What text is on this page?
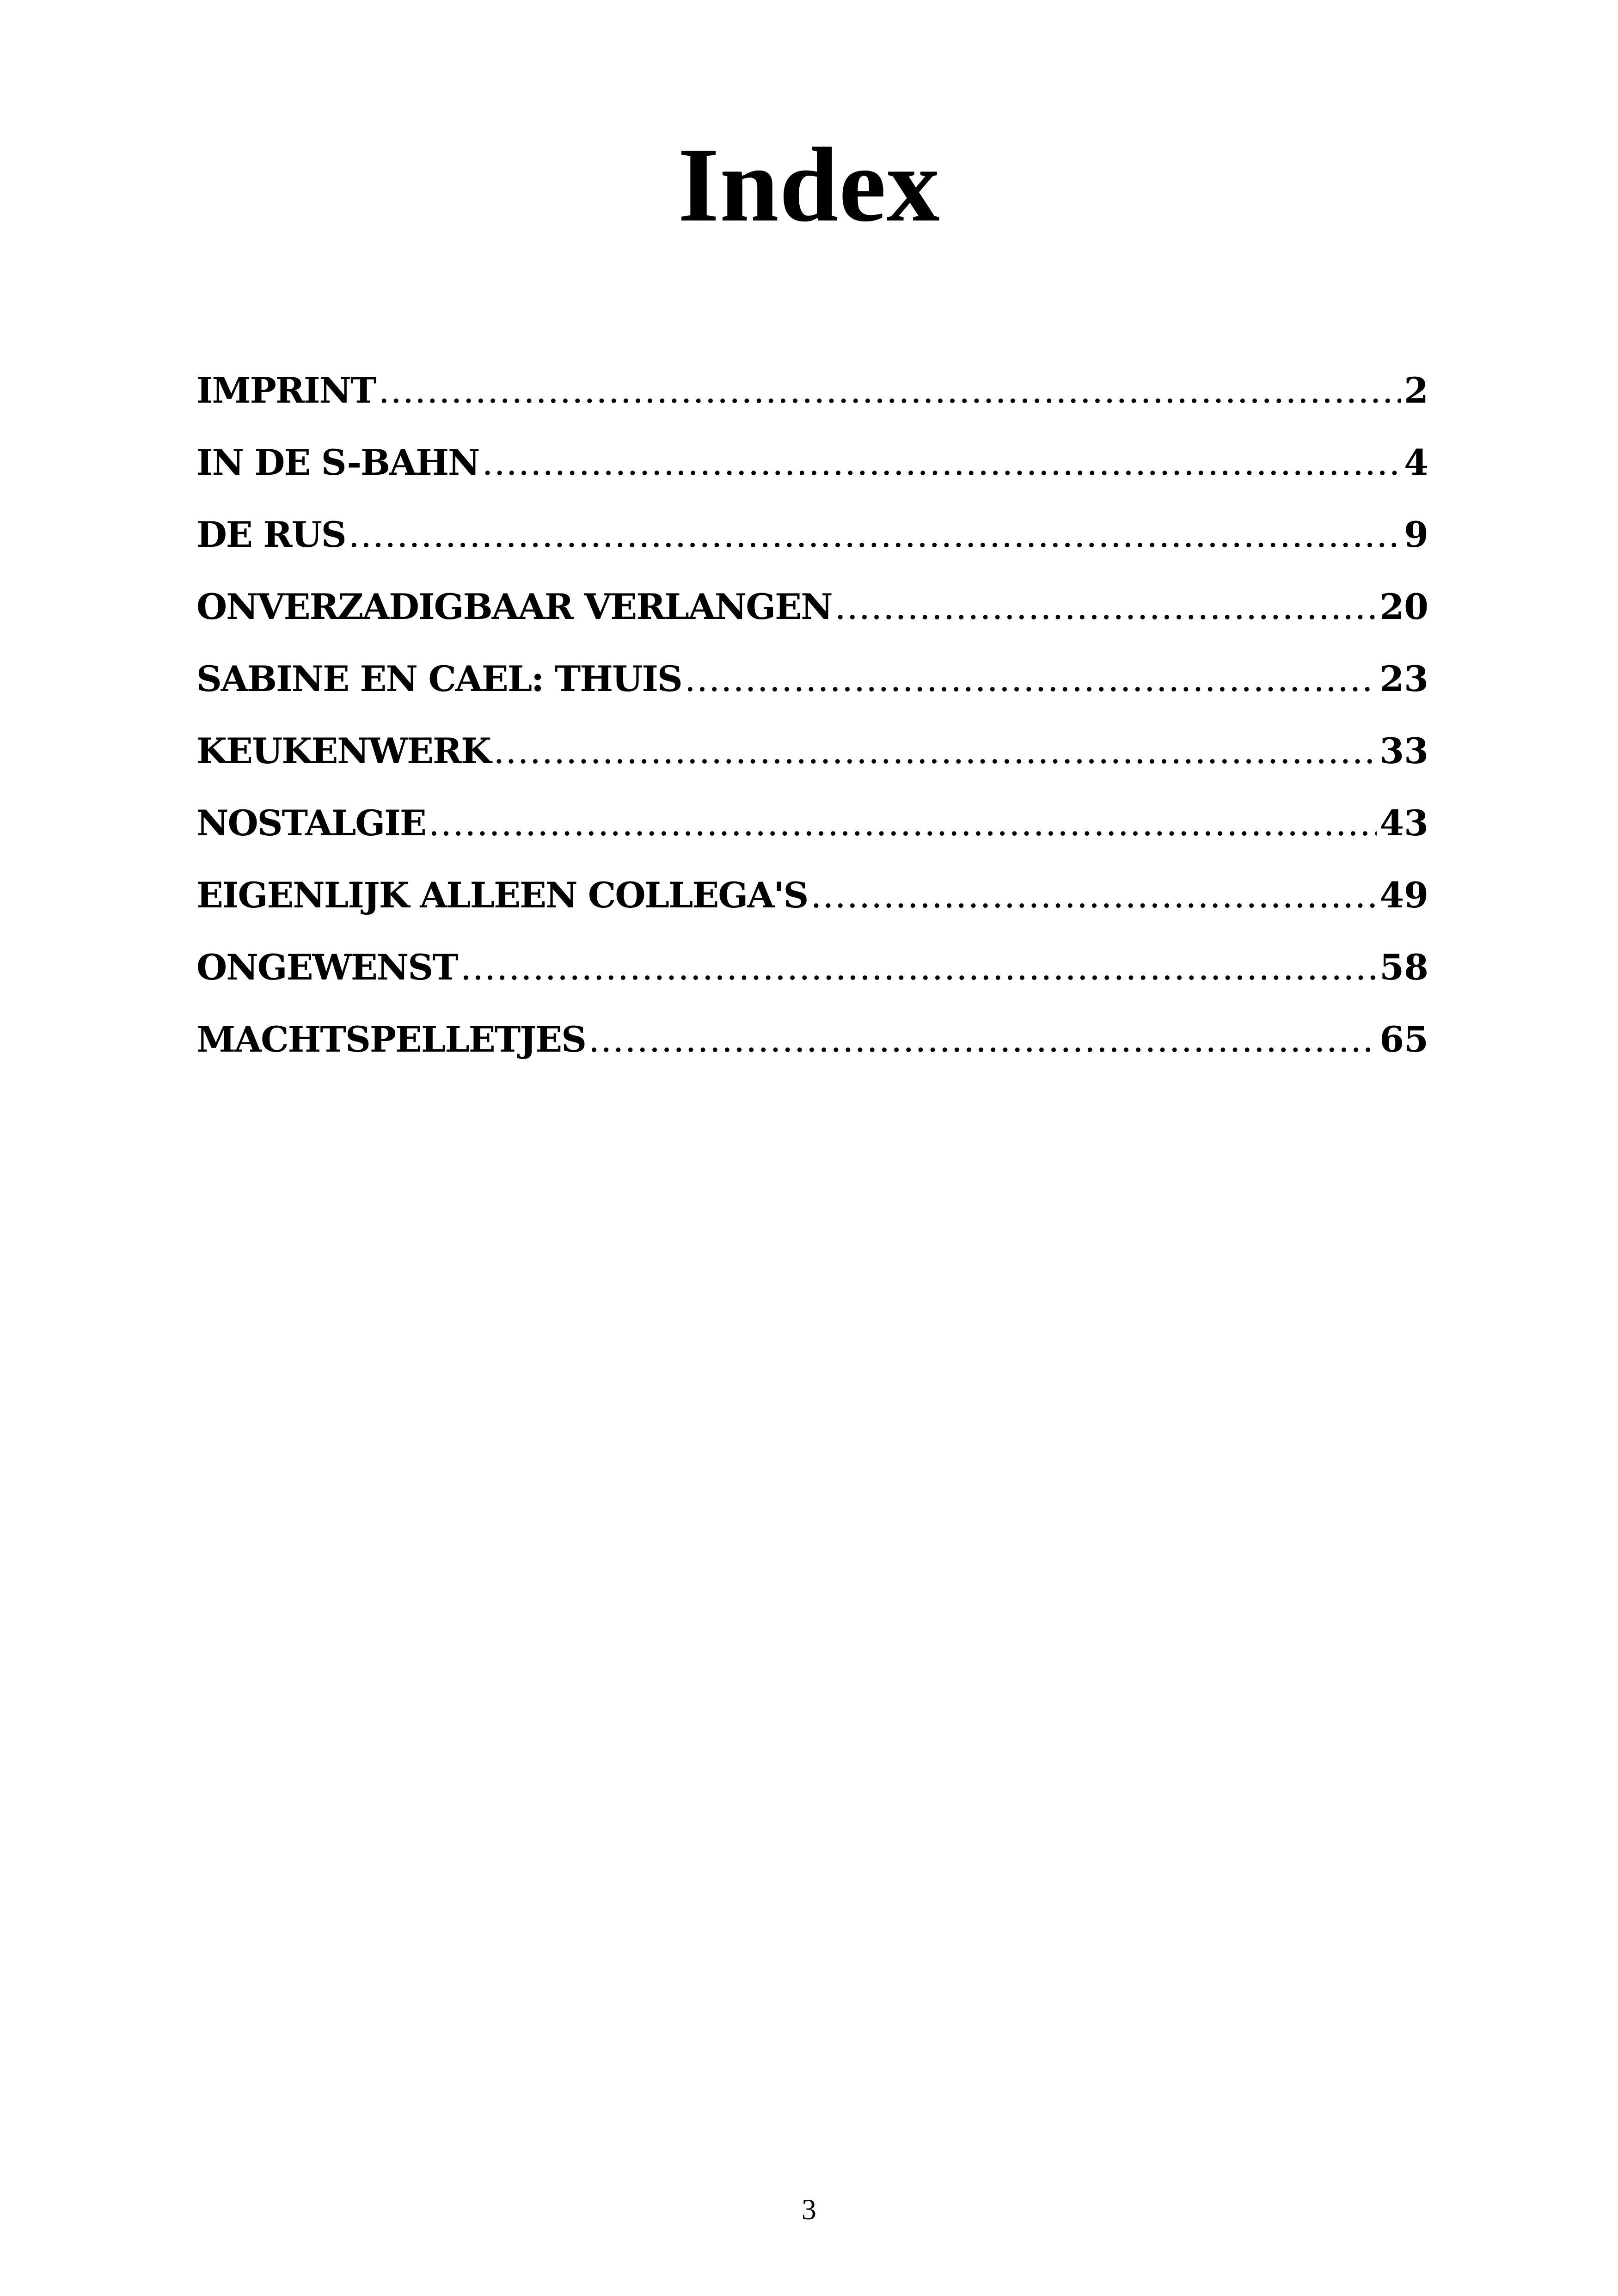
Index
IMPRINT .....	2
IN DE S-BAHN .....	4
DE RUS .....	9
ONVERZADIGBAAR VERLANGEN .....	20
SABINE EN CAEL: THUIS .....	23
KEUKENWERK .....	33
NOSTALGIE .....	43
EIGENLIJK ALLEEN COLLEGA'S .....	49
ONGEWENST .....	58
MACHTSPELLETJES .....	65
3
